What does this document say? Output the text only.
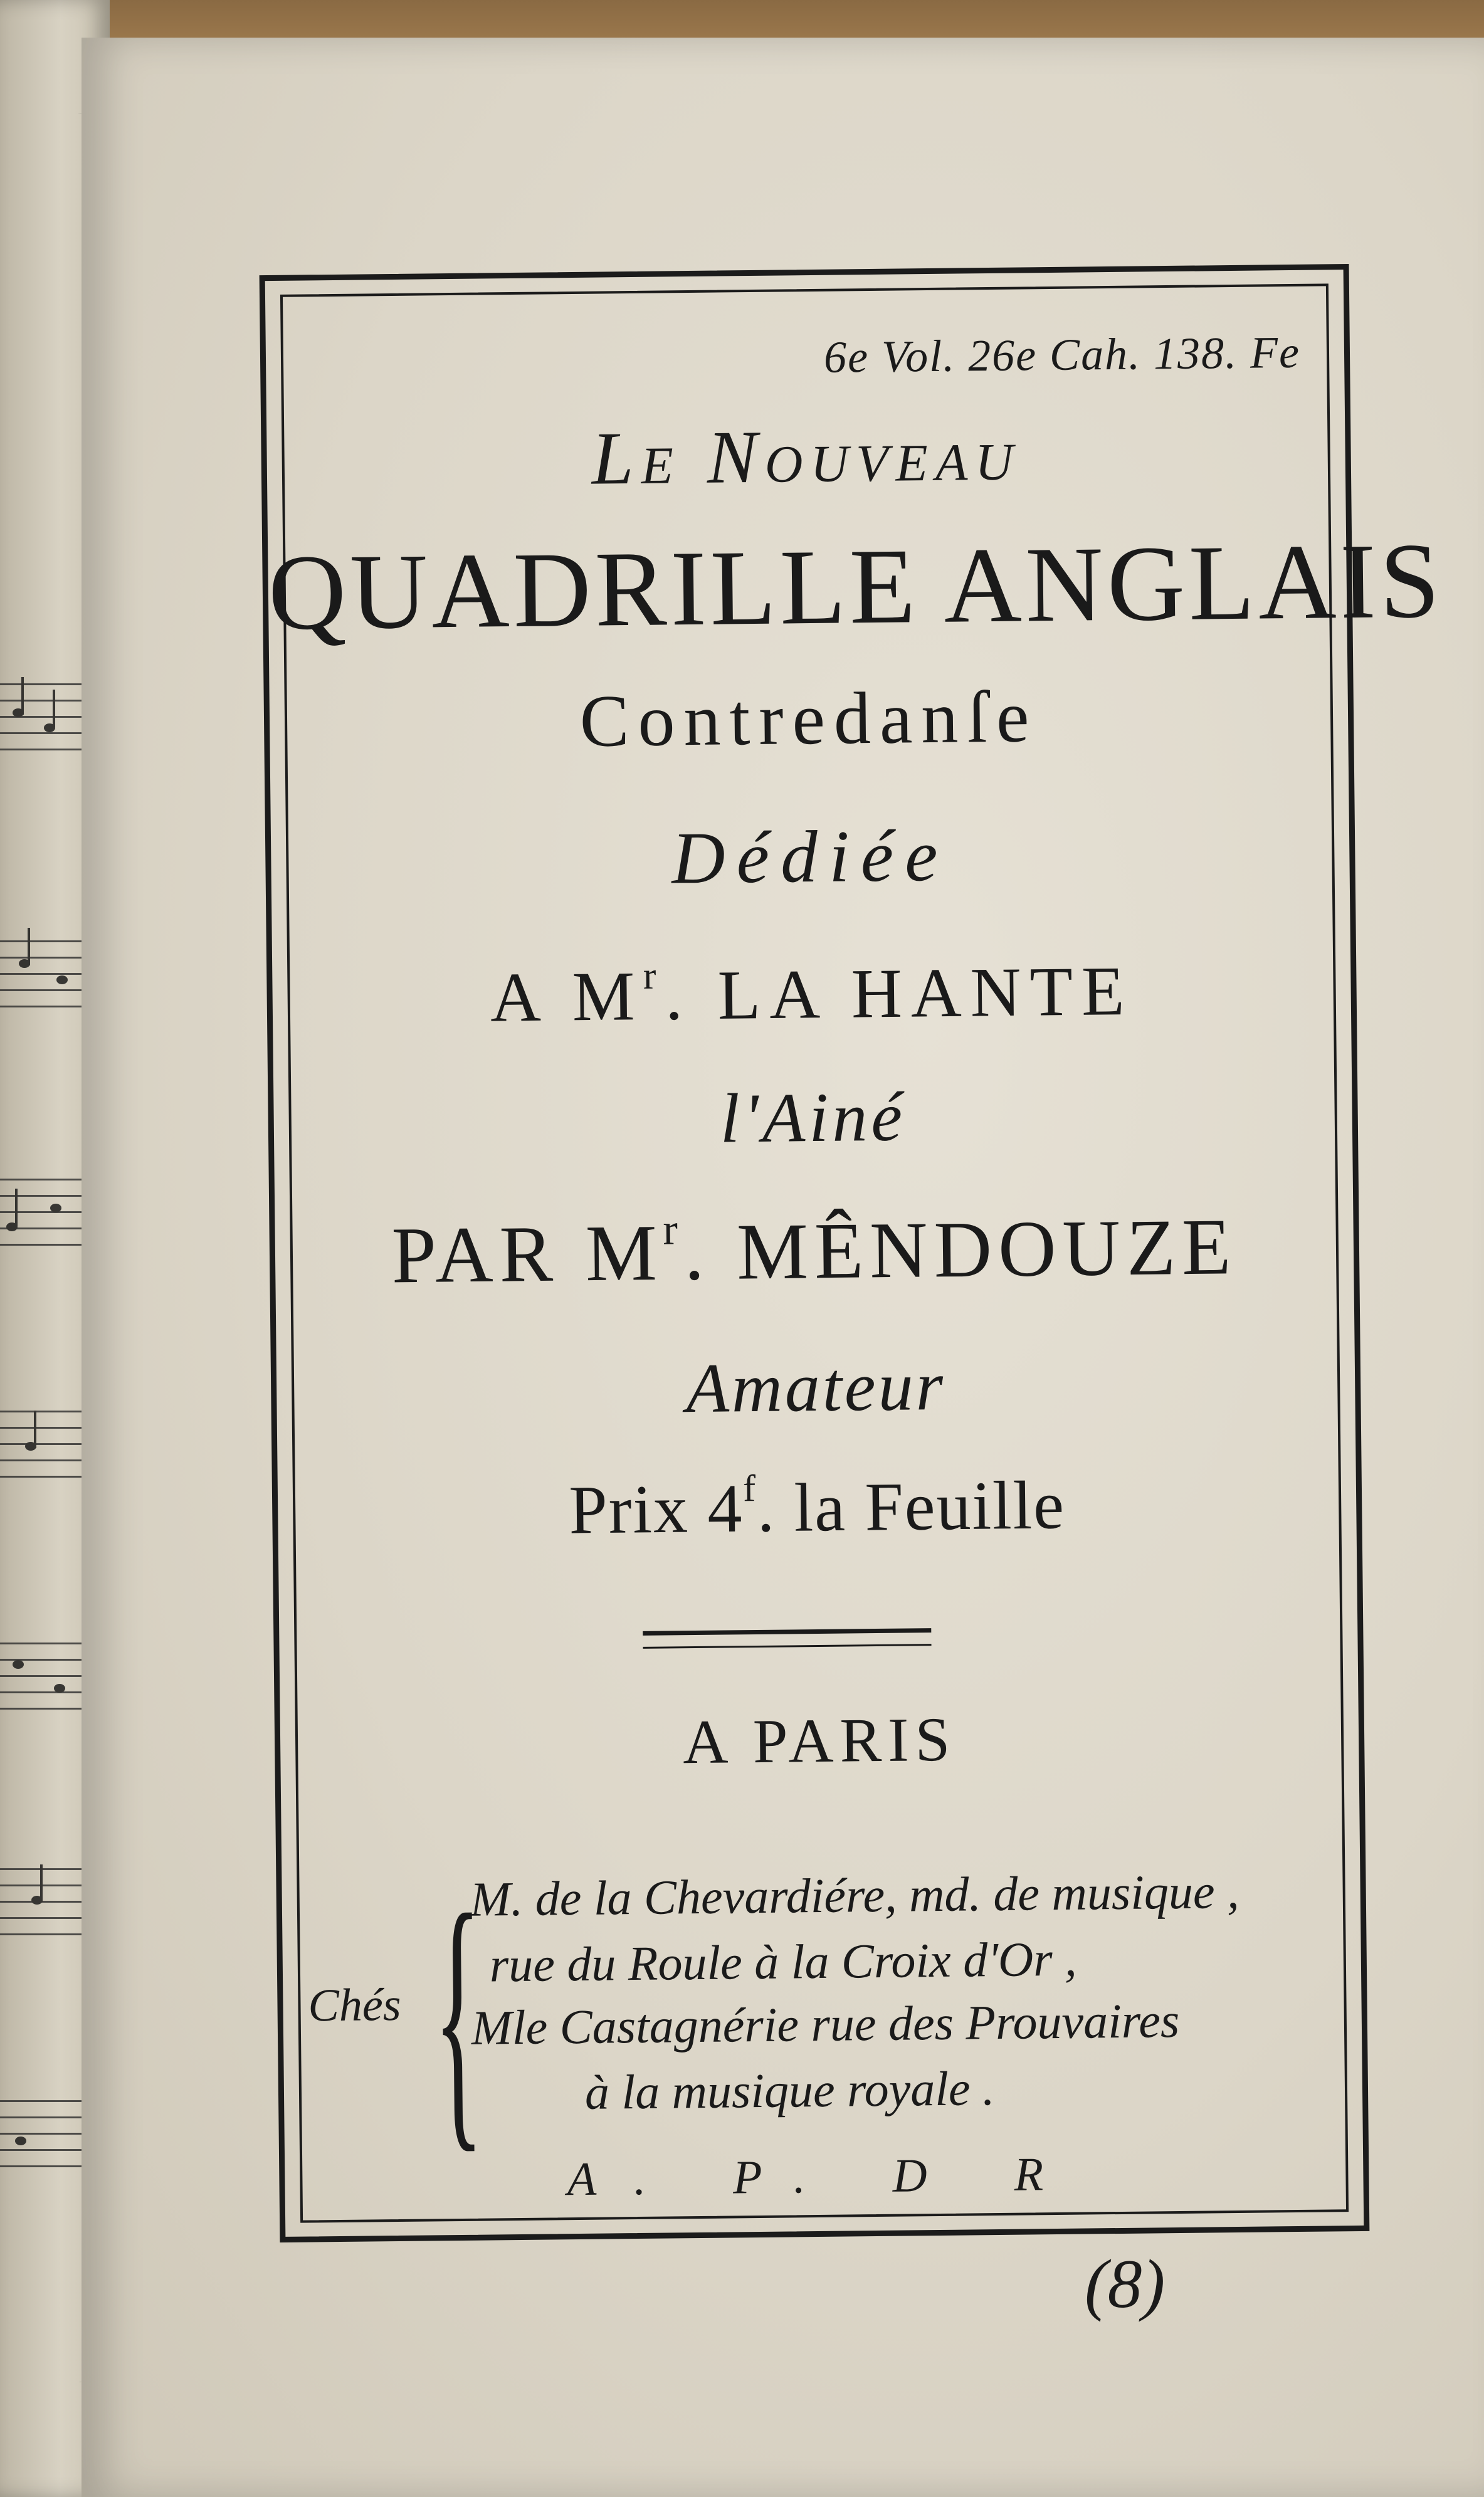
6e Vol. 26e Cah. 138. Fe
Le Nouveau
QUADRILLE ANGLAIS
Contredanſe
Dédiée
A $M^r$. LA HANTE
l'Ainé
PAR $M^r$. MÊNDOUZE
Amateur
Prix 4$^f$. la Feuille
A PARIS
Chés {
M. de la Chevardiére, md. de musique ,
rue du Roule à la Croix d'Or ,
Mle Castagnérie rue des Prouvaires
à la musique royale .
A. P. D R
(8)
